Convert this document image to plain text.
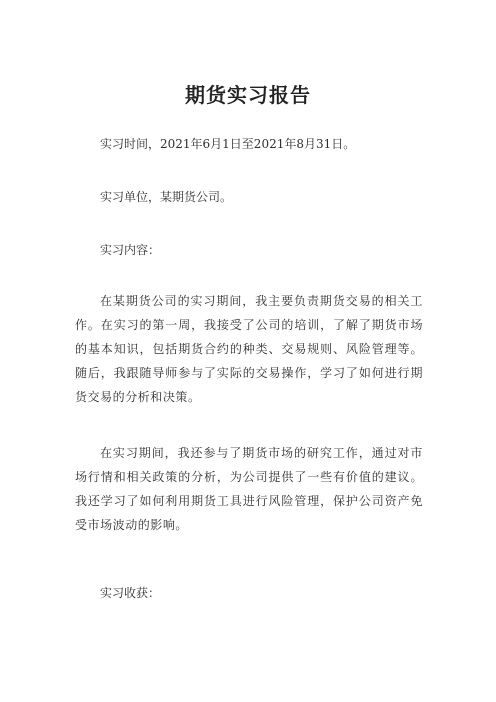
期货实习报告
实习时间，2021年6月1日至2021年8月31日。
实习单位，某期货公司。
实习内容：
在某期货公司的实习期间，我主要负责期货交易的相关工作。在实习的第一周，我接受了公司的培训，了解了期货市场的基本知识，包括期货合约的种类、交易规则、风险管理等。随后，我跟随导师参与了实际的交易操作，学习了如何进行期货交易的分析和决策。
在实习期间，我还参与了期货市场的研究工作，通过对市场行情和相关政策的分析，为公司提供了一些有价值的建议。我还学习了如何利用期货工具进行风险管理，保护公司资产免受市场波动的影响。
实习收获：
